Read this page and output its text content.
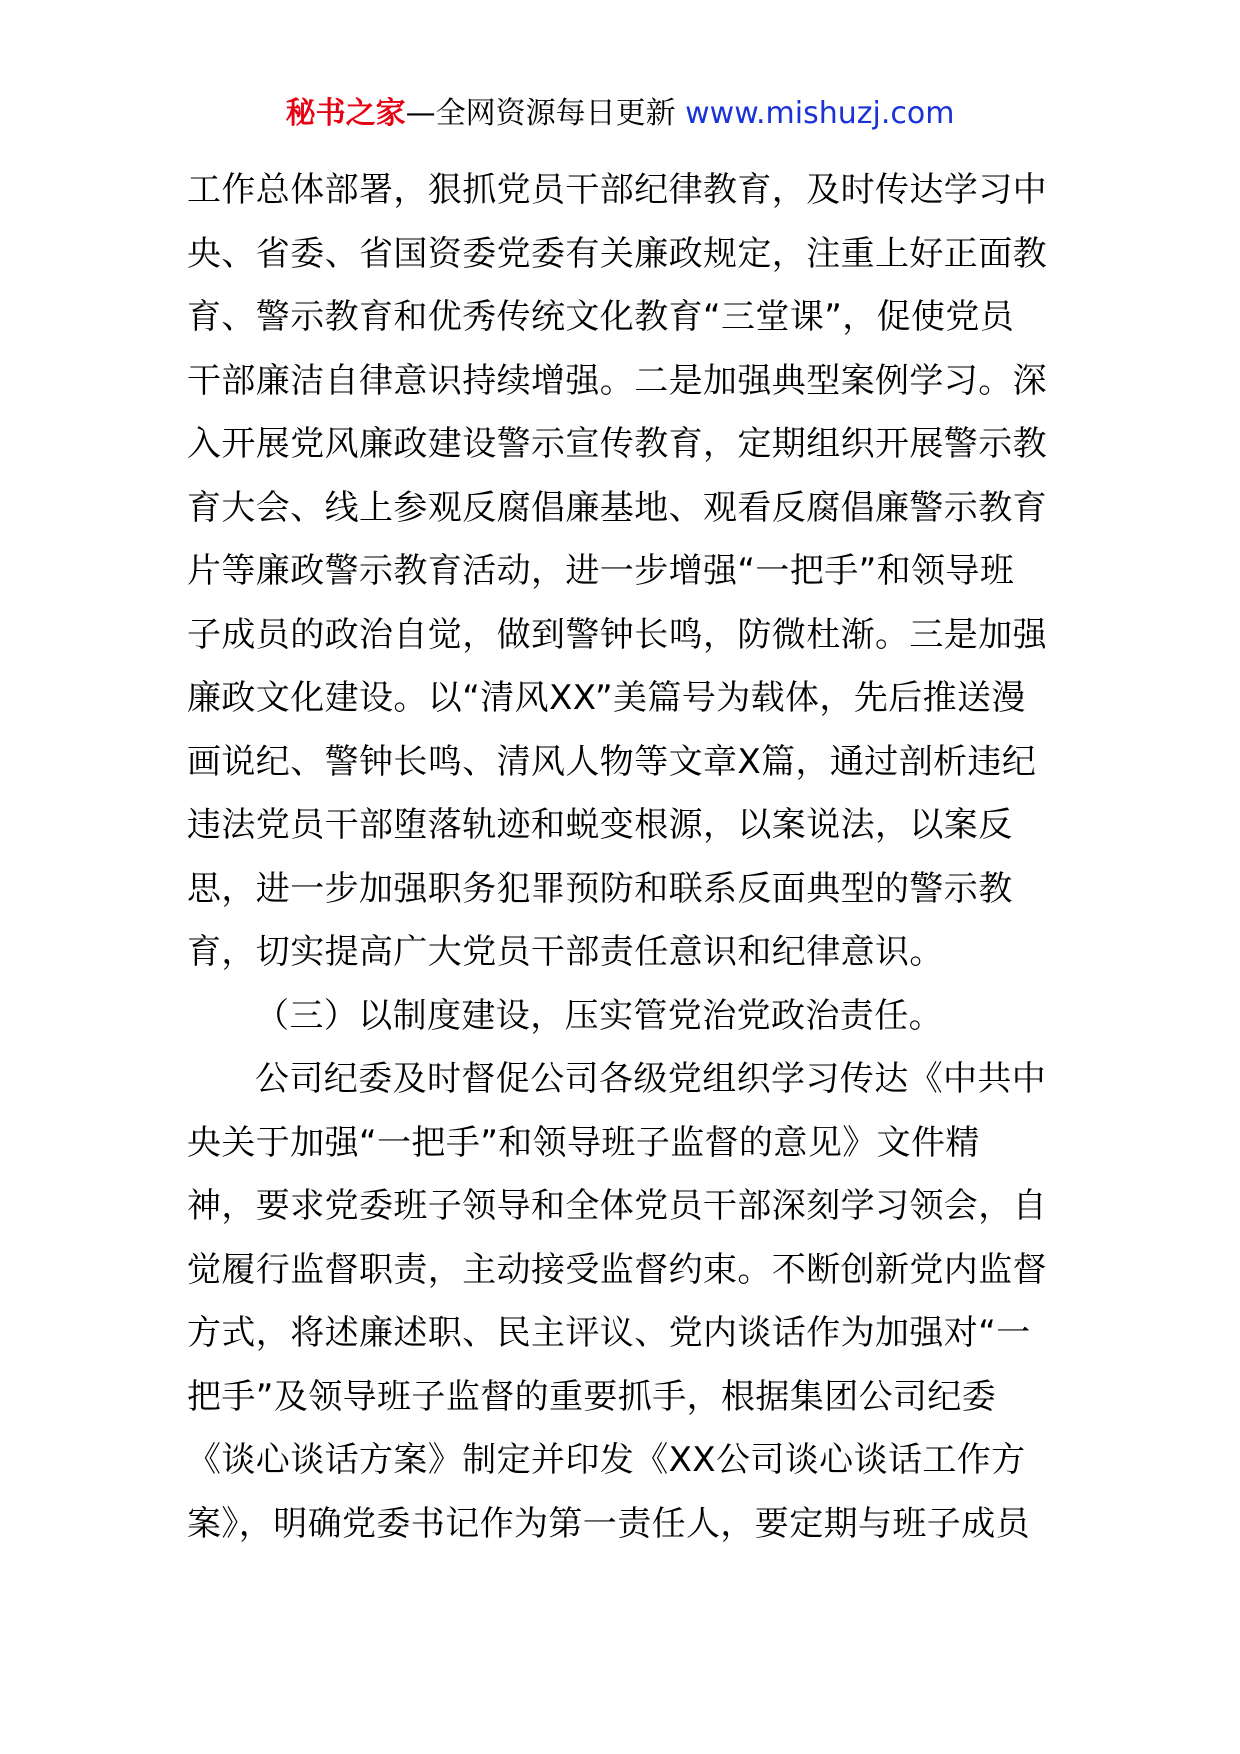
秘书之家—全网资源每日更新 www.mishuzj.com
工作总体部署，狠抓党员干部纪律教育，及时传达学习中
央、省委、省国资委党委有关廉政规定，注重上好正面教
育、警示教育和优秀传统文化教育“三堂课”，促使党员
干部廉洁自律意识持续增强。二是加强典型案例学习。深
入开展党风廉政建设警示宣传教育，定期组织开展警示教
育大会、线上参观反腐倡廉基地、观看反腐倡廉警示教育
片等廉政警示教育活动，进一步增强“一把手”和领导班
子成员的政治自觉，做到警钟长鸣，防微杜渐。三是加强
廉政文化建设。以“清风XX”美篇号为载体，先后推送漫
画说纪、警钟长鸣、清风人物等文章X篇，通过剖析违纪
违法党员干部堕落轨迹和蜕变根源，以案说法，以案反
思，进一步加强职务犯罪预防和联系反面典型的警示教
育，切实提高广大党员干部责任意识和纪律意识。
（三）以制度建设，压实管党治党政治责任。
公司纪委及时督促公司各级党组织学习传达《中共中
央关于加强“一把手”和领导班子监督的意见》文件精
神，要求党委班子领导和全体党员干部深刻学习领会，自
觉履行监督职责，主动接受监督约束。不断创新党内监督
方式，将述廉述职、民主评议、党内谈话作为加强对“一
把手”及领导班子监督的重要抓手，根据集团公司纪委
《谈心谈话方案》制定并印发《XX公司谈心谈话工作方
案》，明确党委书记作为第一责任人，要定期与班子成员
